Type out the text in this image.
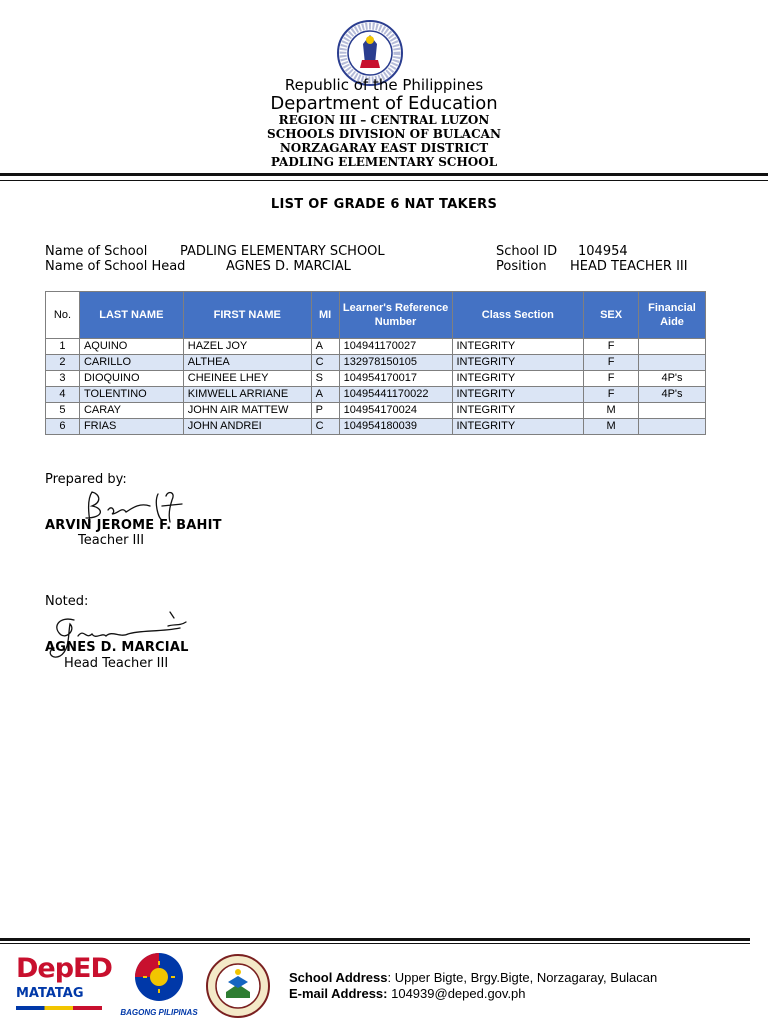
Republic of the Philippines
Department of Education
REGION III – CENTRAL LUZON
SCHOOLS DIVISION OF BULACAN
NORZAGARAY EAST DISTRICT
PADLING ELEMENTARY SCHOOL
LIST OF GRADE 6 NAT TAKERS
Name of School	PADLING ELEMENTARY SCHOOL	School ID 104954
Name of School Head	AGNES D. MARCIAL	Position HEAD TEACHER III
No.	LAST NAME	FIRST NAME	MI	Learner's Reference Number	Class Section	SEX	Financial Aide
1	AQUINO	HAZEL JOY	A	104941170027	INTEGRITY	F	
2	CARILLO	ALTHEA	C	132978150105	INTEGRITY	F	
3	DIOQUINO	CHEINEE LHEY	S	104954170017	INTEGRITY	F	4P's
4	TOLENTINO	KIMWELL ARRIANE	A	10495441170022	INTEGRITY	F	4P's
5	CARAY	JOHN AIR MATTEW	P	104954170024	INTEGRITY	M	
6	FRIAS	JOHN ANDREI	C	104954180039	INTEGRITY	M	
Prepared by:
ARVIN JEROME F. BAHIT
Teacher III
Noted:
AGNES D. MARCIAL
Head Teacher III
DepED
MATATAG
BAGONG PILIPINAS
School Address: Upper Bigte, Brgy.Bigte, Norzagaray, Bulacan
E-mail Address: 104939@deped.gov.ph
